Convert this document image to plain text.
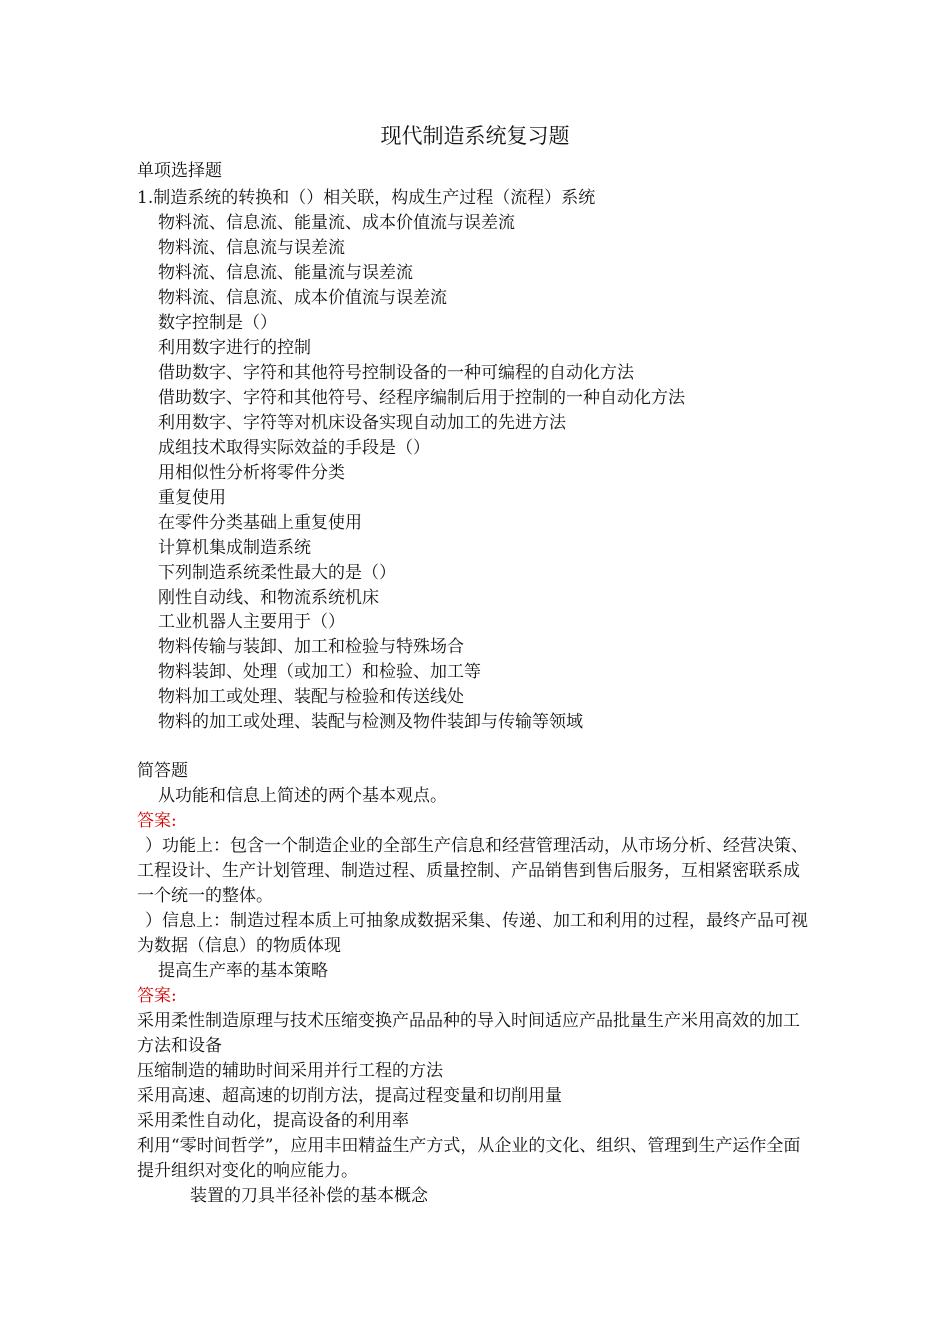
现代制造系统复习题
单项选择题
1.制造系统的转换和（）相关联，构成生产过程（流程）系统
物料流、信息流、能量流、成本价值流与误差流
物料流、信息流与误差流
物料流、信息流、能量流与误差流
物料流、信息流、成本价值流与误差流
数字控制是（）
利用数字进行的控制
借助数字、字符和其他符号控制设备的一种可编程的自动化方法
借助数字、字符和其他符号、经程序编制后用于控制的一种自动化方法
利用数字、字符等对机床设备实现自动加工的先进方法
成组技术取得实际效益的手段是（）
用相似性分析将零件分类
重复使用
在零件分类基础上重复使用
计算机集成制造系统
下列制造系统柔性最大的是（）
刚性自动线、和物流系统机床
工业机器人主要用于（）
物料传输与装卸、加工和检验与特殊场合
物料装卸、处理（或加工）和检验、加工等
物料加工或处理、装配与检验和传送线处
物料的加工或处理、装配与检测及物件装卸与传输等领域
简答题
从功能和信息上简述的两个基本观点。
答案:
）功能上：包含一个制造企业的全部生产信息和经营管理活动，从市场分析、经营决策、工程设计、生产计划管理、制造过程、质量控制、产品销售到售后服务，互相紧密联系成一个统一的整体。
）信息上：制造过程本质上可抽象成数据采集、传递、加工和利用的过程，最终产品可视为数据（信息）的物质体现
提高生产率的基本策略
答案:
采用柔性制造原理与技术压缩变换产品品种的导入时间适应产品批量生产米用高效的加工方法和设备
压缩制造的辅助时间采用并行工程的方法
采用高速、超高速的切削方法，提高过程变量和切削用量
采用柔性自动化，提高设备的利用率
利用“零时间哲学”，应用丰田精益生产方式，从企业的文化、组织、管理到生产运作全面提升组织对变化的响应能力。
装置的刀具半径补偿的基本概念
